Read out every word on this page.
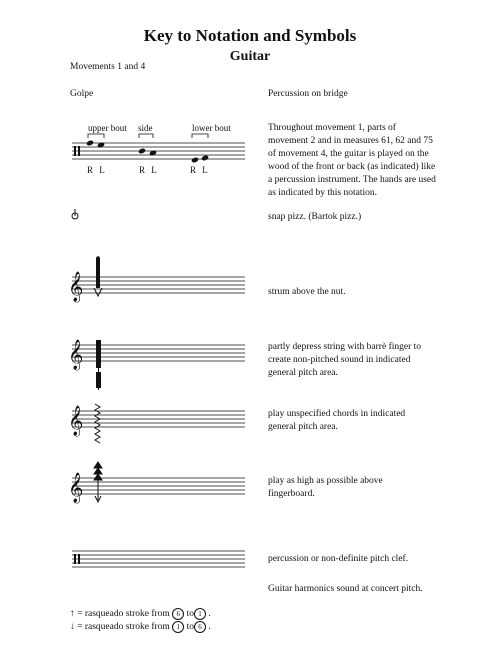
Key to Notation and Symbols
Guitar
Movements 1 and 4
Golpe	Percussion on bridge
upper bout side	lower bout
R L	R L	R L
Throughout movement 1, parts of movement 2 and in measures 61, 62 and 75 of movement 4, the guitar is played on the wood of the front or back (as indicated) like a percussion instrument. The hands are used as indicated by this notation.
snap pizz. (Bartok pizz.)
strum above the nut.
partly depress string with barrè finger to create non-pitched sound in indicated general pitch area.
play unspecified chords in indicated general pitch area.
play as high as possible above fingerboard.
percussion or non-definite pitch clef.
Guitar harmonics sound at concert pitch.
↑ = rasqueado stroke from 6 to 1 .
↓ = rasqueado stroke from 1 to 6 .
𝄞
𝄞
𝄞
𝄞
